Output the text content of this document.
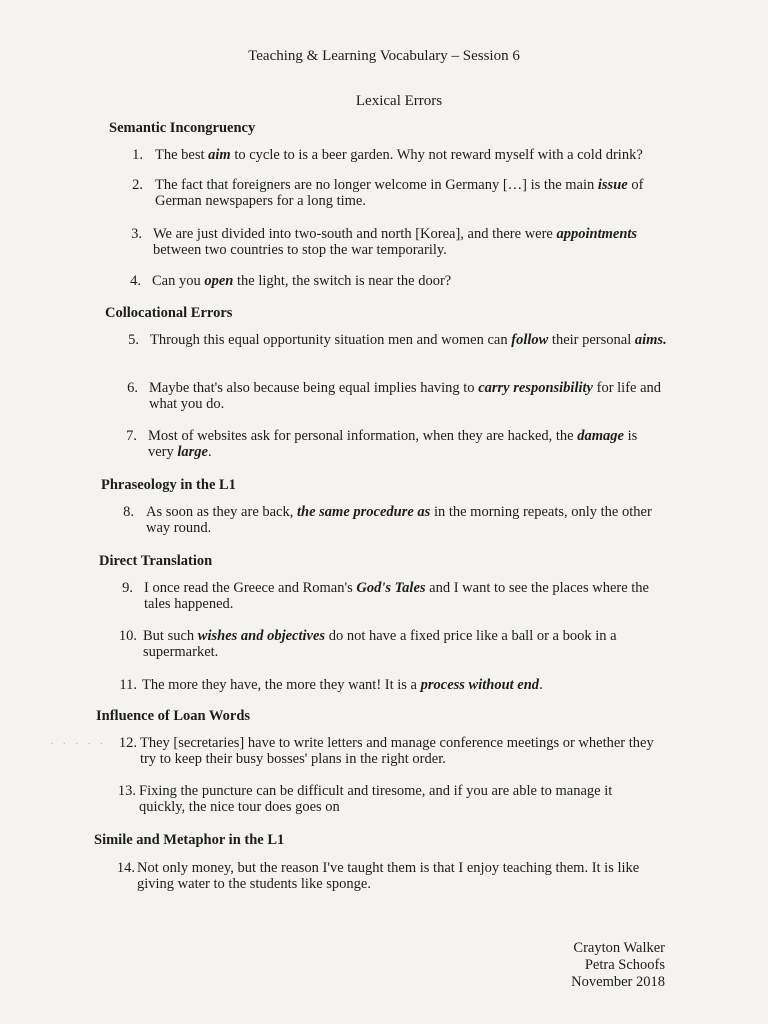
Teaching & Learning Vocabulary – Session 6
Lexical Errors
· · · · ·
Semantic Incongruency
1. The best aim to cycle to is a beer garden. Why not reward myself with a cold drink?
2. The fact that foreigners are no longer welcome in Germany […] is the main issue of German newspapers for a long time.
3. We are just divided into two-south and north [Korea], and there were appointments between two countries to stop the war temporarily.
4. Can you open the light, the switch is near the door?
Collocational Errors
5. Through this equal opportunity situation men and women can follow their personal aims.
6. Maybe that's also because being equal implies having to carry responsibility for life and what you do.
7. Most of websites ask for personal information, when they are hacked, the damage is very large.
Phraseology in the L1
8. As soon as they are back, the same procedure as in the morning repeats, only the other way round.
Direct Translation
9. I once read the Greece and Roman's God's Tales and I want to see the places where the tales happened.
10. But such wishes and objectives do not have a fixed price like a ball or a book in a supermarket.
11. The more they have, the more they want! It is a process without end.
Influence of Loan Words
12. They [secretaries] have to write letters and manage conference meetings or whether they try to keep their busy bosses' plans in the right order.
13. Fixing the puncture can be difficult and tiresome, and if you are able to manage it quickly, the nice tour does goes on
Simile and Metaphor in the L1
14. Not only money, but the reason I've taught them is that I enjoy teaching them. It is like giving water to the students like sponge.
Crayton Walker
Petra Schoofs
November 2018
